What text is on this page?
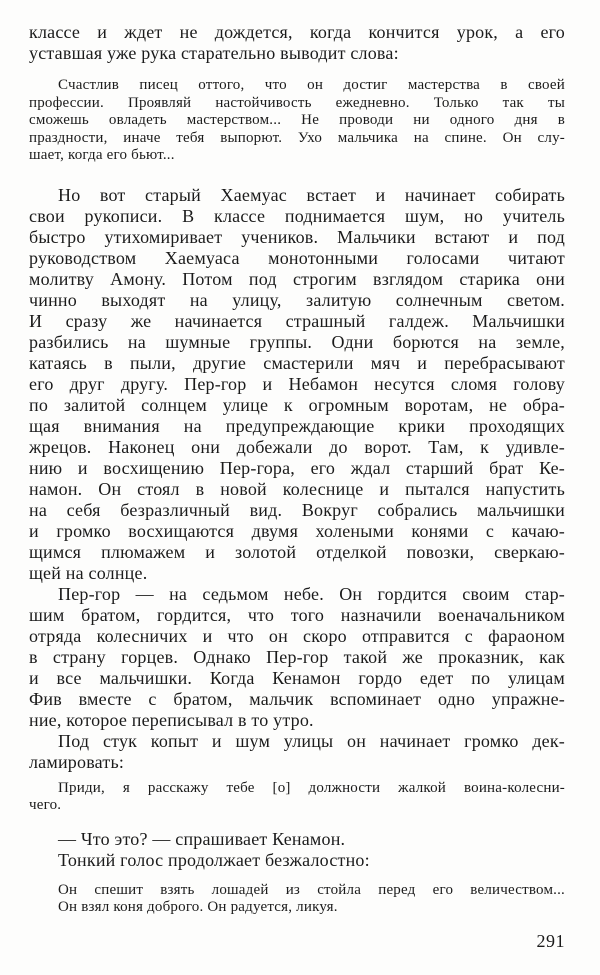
классе и ждет не дождется, когда кончится урок, а его
уставшая уже рука старательно выводит слова:
Счастлив писец оттого, что он достиг мастерства в своей
профессии. Проявляй настойчивость ежедневно. Только так ты
сможешь овладеть мастерством... Не проводи ни одного дня в
праздности, иначе тебя выпорют. Ухо мальчика на спине. Он слу-
шает, когда его бьют...
Но вот старый Хаемуас встает и начинает собирать
свои рукописи. В классе поднимается шум, но учитель
быстро утихомиривает учеников. Мальчики встают и под
руководством Хаемуаса монотонными голосами читают
молитву Амону. Потом под строгим взглядом старика они
чинно выходят на улицу, залитую солнечным светом.
И сразу же начинается страшный галдеж. Мальчишки
разбились на шумные группы. Одни борются на земле,
катаясь в пыли, другие смастерили мяч и перебрасывают
его друг другу. Пер-гор и Небамон несутся сломя голову
по залитой солнцем улице к огромным воротам, не обра-
щая внимания на предупреждающие крики проходящих
жрецов. Наконец они добежали до ворот. Там, к удивле-
нию и восхищению Пер-гора, его ждал старший брат Ке-
намон. Он стоял в новой колеснице и пытался напустить
на себя безразличный вид. Вокруг собрались мальчишки
и громко восхищаются двумя холеными конями с качаю-
щимся плюмажем и золотой отделкой повозки, сверкаю-
щей на солнце.
Пер-гор — на седьмом небе. Он гордится своим стар-
шим братом, гордится, что того назначили военачальником
отряда колесничих и что он скоро отправится с фараоном
в страну горцев. Однако Пер-гор такой же проказник, как
и все мальчишки. Когда Кенамон гордо едет по улицам
Фив вместе с братом, мальчик вспоминает одно упражне-
ние, которое переписывал в то утро.
Под стук копыт и шум улицы он начинает громко дек-
ламировать:
Приди, я расскажу тебе [о] должности жалкой воина-колесни-
чего.
— Что это? — спрашивает Кенамон.
Тонкий голос продолжает безжалостно:
Он спешит взять лошадей из стойла перед его величеством...
Он взял коня доброго. Он радуется, ликуя.
291
